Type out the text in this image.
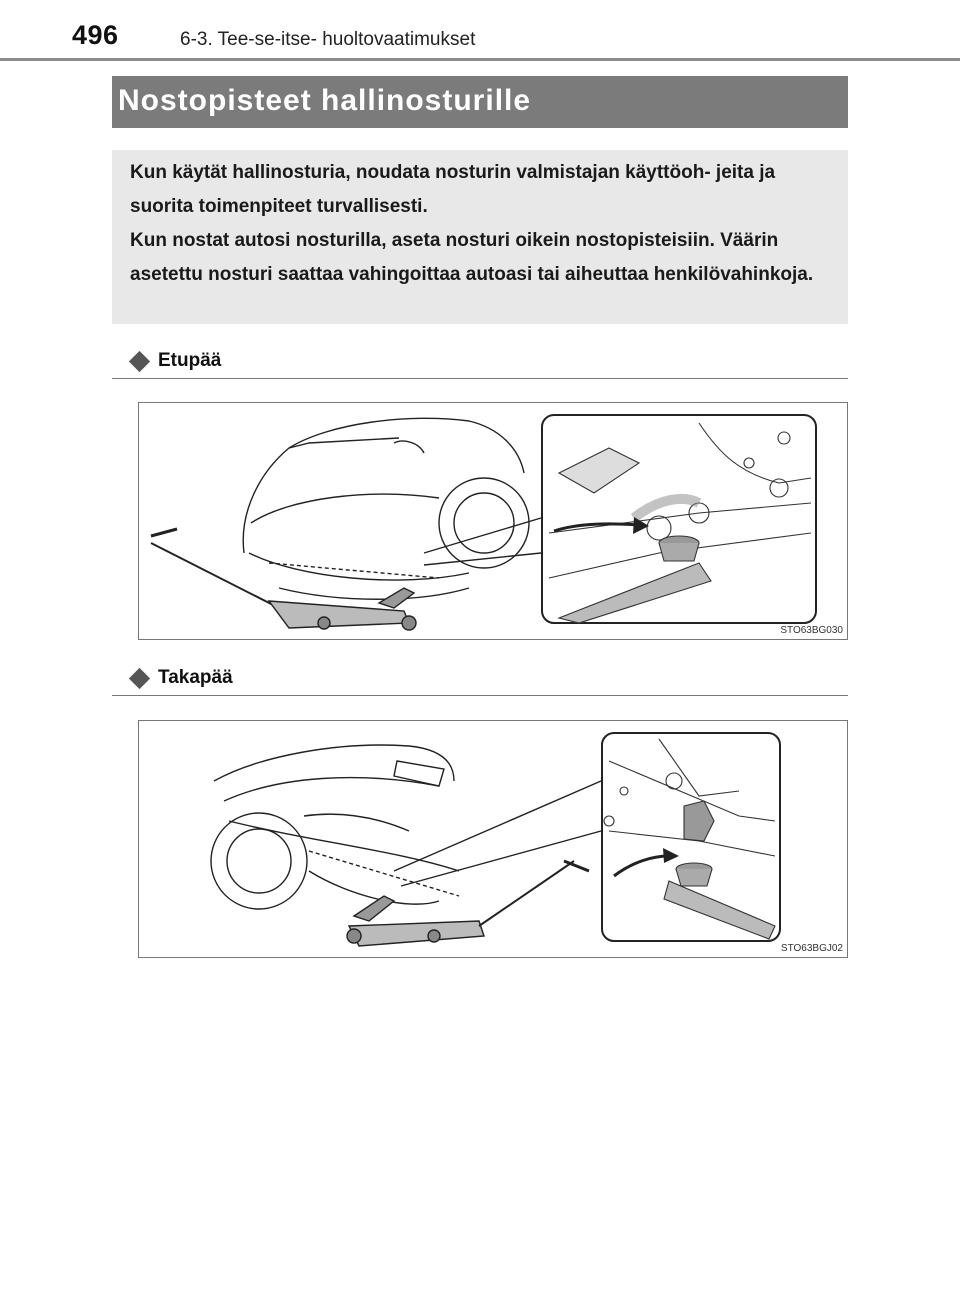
496	6-3. Tee-se-itse- huoltovaatimukset
Nostopisteet hallinosturille
Kun käytät hallinosturia, noudata nosturin valmistajan käyttöoh- jeita ja suorita toimenpiteet turvallisesti.
Kun nostat autosi nosturilla, aseta nosturi oikein nostopisteisiin. Väärin asetettu nosturi saattaa vahingoittaa autoasi tai aiheuttaa henkilövahinkoja.
Etupää
STO63BG030
Takapää
STO63BGJ02
